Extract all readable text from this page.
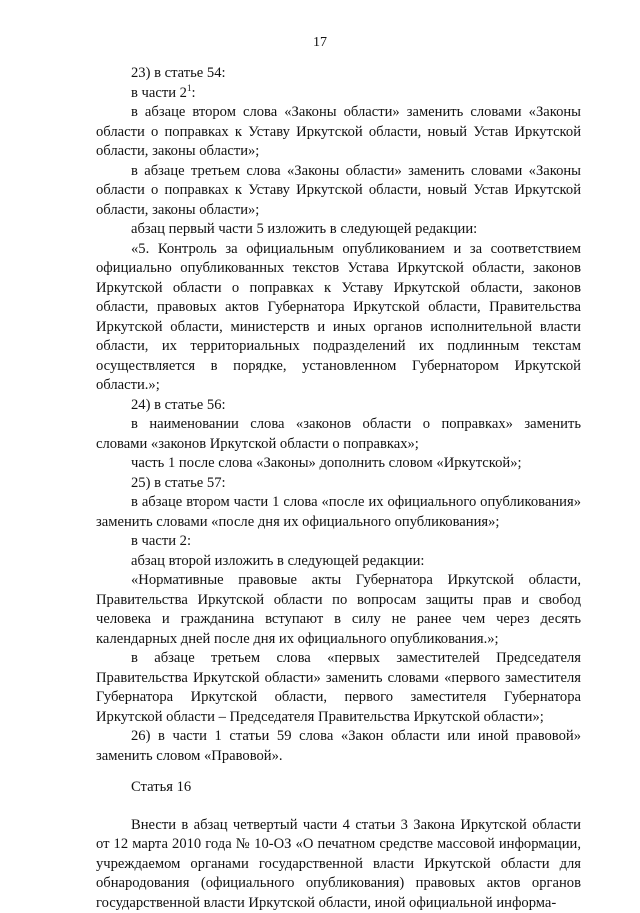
17

23) в статье 54:

в части $2^1$:

в абзаце втором слова «Законы области» заменить словами «Законы области о поправках к Уставу Иркутской области, новый Устав Иркутской области, законы области»;

в абзаце третьем слова «Законы области» заменить словами «Законы области о поправках к Уставу Иркутской области, новый Устав Иркутской области, законы области»;

абзац первый части 5 изложить в следующей редакции:

«5. Контроль за официальным опубликованием и за соответствием официально опубликованных текстов Устава Иркутской области, законов Иркутской области о поправках к Уставу Иркутской области, законов области, правовых актов Губернатора Иркутской области, Правительства Иркутской области, министерств и иных органов исполнительной власти области, их территориальных подразделений их подлинным текстам осуществляется в порядке, установленном Губернатором Иркутской области.»;

24) в статье 56:

в наименовании слова «законов области о поправках» заменить словами «законов Иркутской области о поправках»;

часть 1 после слова «Законы» дополнить словом «Иркутской»;

25) в статье 57:

в абзаце втором части 1 слова «после их официального опубликования» заменить словами «после дня их официального опубликования»;

в части 2:

абзац второй изложить в следующей редакции:

«Нормативные правовые акты Губернатора Иркутской области, Правительства Иркутской области по вопросам защиты прав и свобод человека и гражданина вступают в силу не ранее чем через десять календарных дней после дня их официального опубликования.»;

в абзаце третьем слова «первых заместителей Председателя Правительства Иркутской области» заменить словами «первого заместителя Губернатора Иркутской области, первого заместителя Губернатора Иркутской области – Председателя Правительства Иркутской области»;

26) в части 1 статьи 59 слова «Закон области или иной правовой» заменить словом «Правовой».

Статья 16

Внести в абзац четвертый части 4 статьи 3 Закона Иркутской области от 12 марта 2010 года № 10-ОЗ «О печатном средстве массовой информации, учреждаемом органами государственной власти Иркутской области для обнародования (официального опубликования) правовых актов органов государственной власти Иркутской области, иной официальной информа-
